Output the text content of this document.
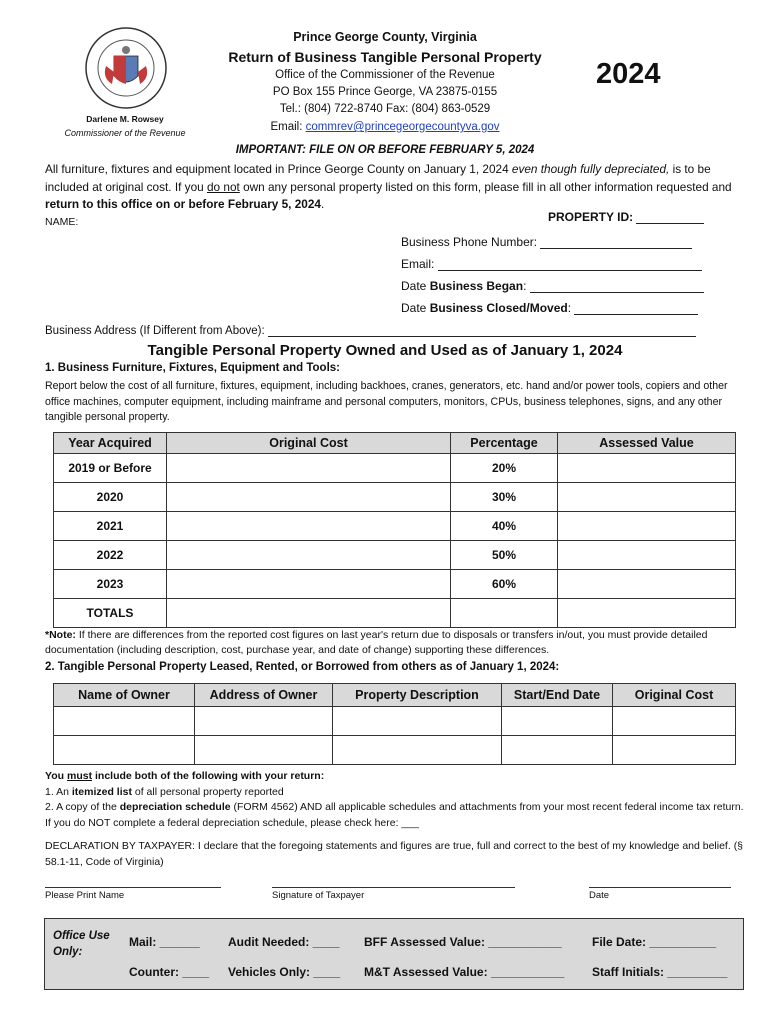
Darlene M. Rowsey
Commissioner of the Revenue
Prince George County, Virginia
Return of Business Tangible Personal Property
Office of the Commissioner of the Revenue
PO Box 155 Prince George, VA 23875-0155
Tel.: (804) 722-8740 Fax: (804) 863-0529
Email: commrev@princegeorgecountyva.gov
2024
IMPORTANT: FILE ON OR BEFORE FEBRUARY 5, 2024
All furniture, fixtures and equipment located in Prince George County on January 1, 2024 even though fully depreciated, is to be included at original cost. If you do not own any personal property listed on this form, please fill in all other information requested and return to this office on or before February 5, 2024.
NAME:	PROPERTY ID:
Business Phone Number:
Email:
Date Business Began:
Date Business Closed/Moved:
Business Address (If Different from Above):
Tangible Personal Property Owned and Used as of January 1, 2024
1. Business Furniture, Fixtures, Equipment and Tools:
Report below the cost of all furniture, fixtures, equipment, including backhoes, cranes, generators, etc. hand and/or power tools, copiers and other office machines, computer equipment, including mainframe and personal computers, monitors, CPUs, business telephones, signs, and any other tangible personal property.
Year Acquired	Original Cost	Percentage	Assessed Value
2019 or Before		20%	
2020		30%	
2021		40%	
2022		50%	
2023		60%	
TOTALS			
*Note: If there are differences from the reported cost figures on last year's return due to disposals or transfers in/out, you must provide detailed documentation (including description, cost, purchase year, and date of change) supporting these differences.
2. Tangible Personal Property Leased, Rented, or Borrowed from others as of January 1, 2024:
Name of Owner	Address of Owner	Property Description	Start/End Date	Original Cost

You must include both of the following with your return:
1. An itemized list of all personal property reported
2. A copy of the depreciation schedule (FORM 4562) AND all applicable schedules and attachments from your most recent federal income tax return. If you do NOT complete a federal depreciation schedule, please check here: ___
DECLARATION BY TAXPAYER: I declare that the foregoing statements and figures are true, full and correct to the best of my knowledge and belief. (§ 58.1-11, Code of Virginia)
Please Print Name	Signature of Taxpayer	Date
Office Use Only:
Mail: ______ Audit Needed: ____ BFF Assessed Value: ___________	File Date: __________
Counter: ____ Vehicles Only: ____ M&T Assessed Value: ___________ Staff Initials: _________
